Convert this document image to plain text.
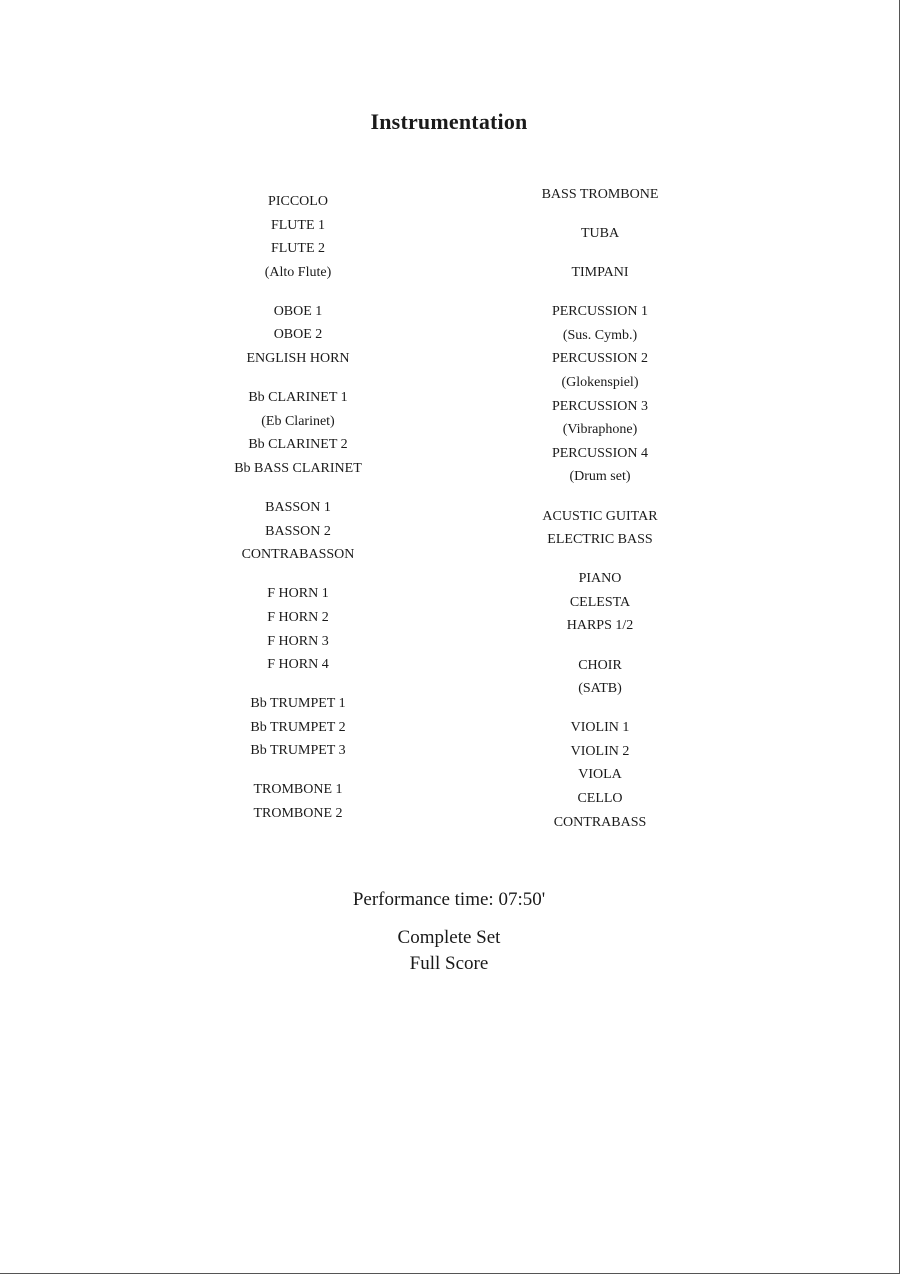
Instrumentation
PICCOLO
FLUTE 1
FLUTE 2
(Alto Flute)
OBOE 1
OBOE 2
ENGLISH HORN
Bb CLARINET 1
(Eb Clarinet)
Bb CLARINET 2
Bb BASS CLARINET
BASSON 1
BASSON 2
CONTRABASSON
F HORN 1
F HORN 2
F HORN 3
F HORN 4
Bb TRUMPET 1
Bb TRUMPET 2
Bb TRUMPET 3
TROMBONE 1
TROMBONE 2
BASS TROMBONE
TUBA
TIMPANI
PERCUSSION 1
(Sus. Cymb.)
PERCUSSION 2
(Glokenspiel)
PERCUSSION 3
(Vibraphone)
PERCUSSION 4
(Drum set)
ACUSTIC GUITAR
ELECTRIC BASS
PIANO
CELESTA
HARPS 1/2
CHOIR
(SATB)
VIOLIN 1
VIOLIN 2
VIOLA
CELLO
CONTRABASS
Performance time: 07:50'
Complete Set
Full Score
